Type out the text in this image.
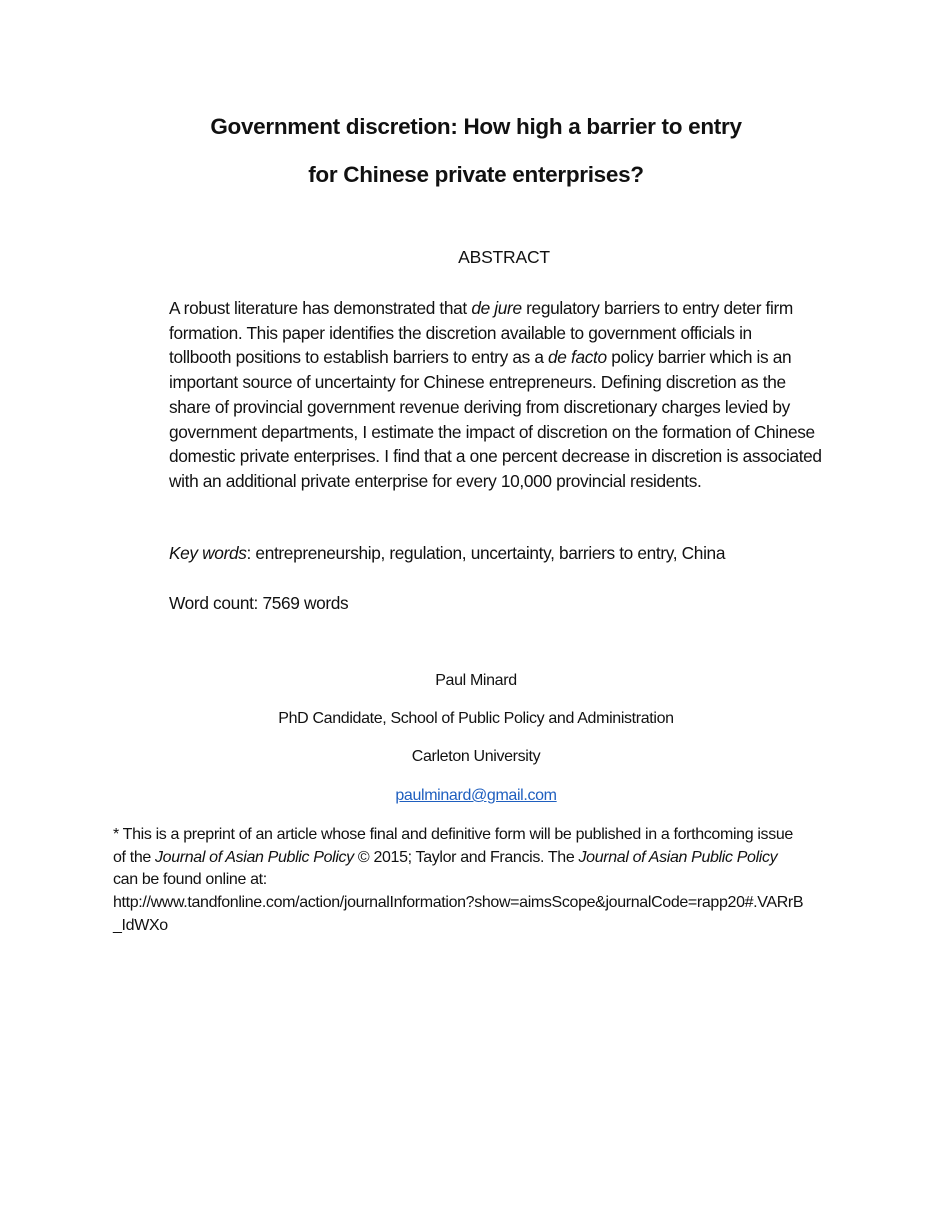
Government discretion: How high a barrier to entry
for Chinese private enterprises?
ABSTRACT
A robust literature has demonstrated that de jure regulatory barriers to entry deter firm
formation. This paper identifies the discretion available to government officials in
tollbooth positions to establish barriers to entry as a de facto policy barrier which is an
important source of uncertainty for Chinese entrepreneurs. Defining discretion as the
share of provincial government revenue deriving from discretionary charges levied by
government departments, I estimate the impact of discretion on the formation of Chinese
domestic private enterprises. I find that a one percent decrease in discretion is associated
with an additional private enterprise for every 10,000 provincial residents.
Key words: entrepreneurship, regulation, uncertainty, barriers to entry, China
Word count: 7569 words
Paul Minard
PhD Candidate, School of Public Policy and Administration
Carleton University
paulminard@gmail.com
* This is a preprint of an article whose final and definitive form will be published in a forthcoming issue
of the Journal of Asian Public Policy © 2015; Taylor and Francis. The Journal of Asian Public Policy
can be found online at:
http://www.tandfonline.com/action/journalInformation?show=aimsScope&journalCode=rapp20#.VARrB
_IdWXo
